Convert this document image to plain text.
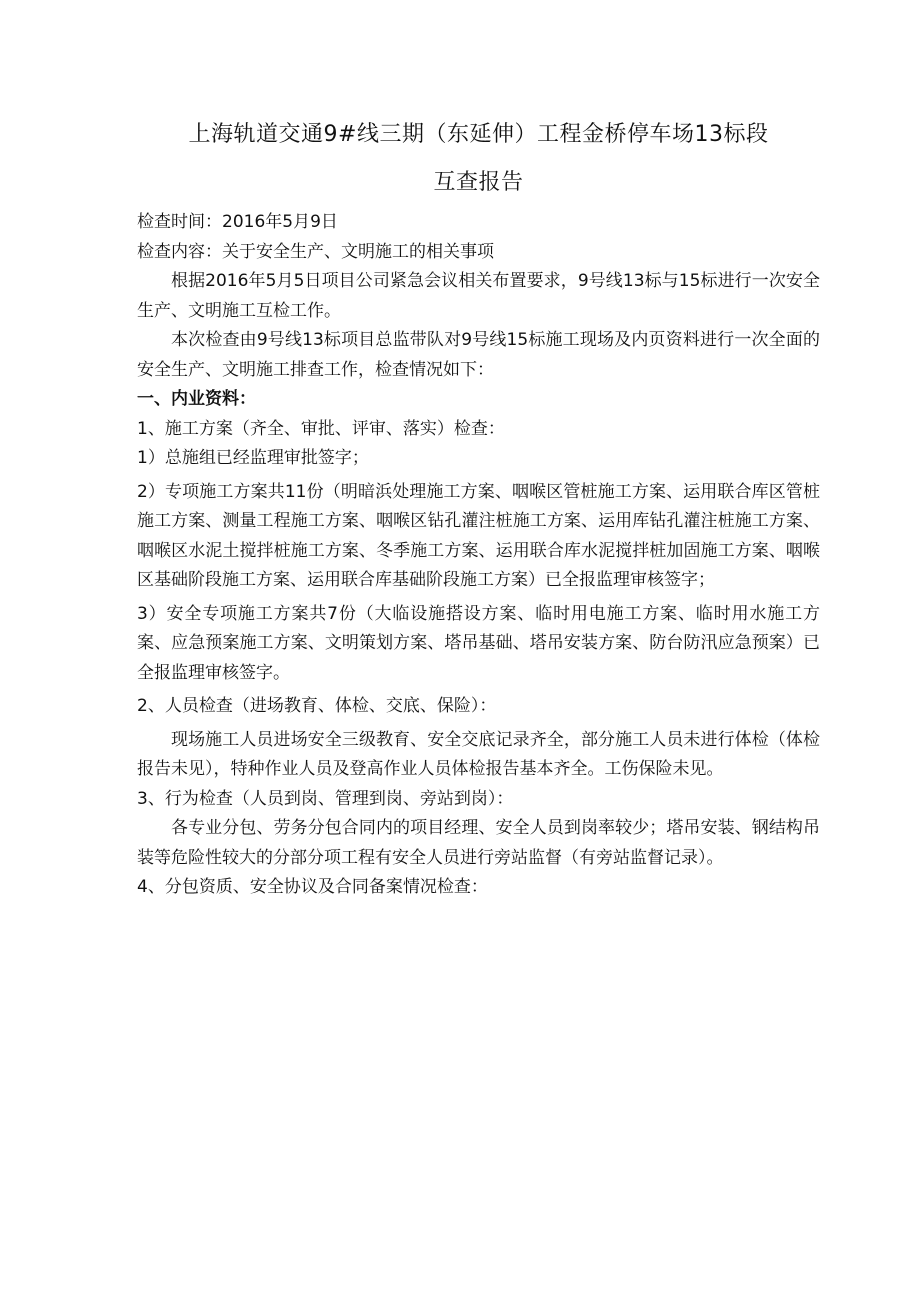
上海轨道交通9#线三期（东延伸）工程金桥停车场13标段
互查报告

检查时间：2016年5月9日

检查内容：关于安全生产、文明施工的相关事项

根据2016年5月5日项目公司紧急会议相关布置要求，9号线13标与15标进行一次安全生产、文明施工互检工作。

本次检查由9号线13标项目总监带队对9号线15标施工现场及内页资料进行一次全面的安全生产、文明施工排查工作，检查情况如下：

一、内业资料：

1、施工方案（齐全、审批、评审、落实）检查：

1）总施组已经监理审批签字；

2）专项施工方案共11份（明暗浜处理施工方案、咽喉区管桩施工方案、运用联合库区管桩施工方案、测量工程施工方案、咽喉区钻孔灌注桩施工方案、运用库钻孔灌注桩施工方案、咽喉区水泥土搅拌桩施工方案、冬季施工方案、运用联合库水泥搅拌桩加固施工方案、咽喉区基础阶段施工方案、运用联合库基础阶段施工方案）已全报监理审核签字；

3）安全专项施工方案共7份（大临设施搭设方案、临时用电施工方案、临时用水施工方案、应急预案施工方案、文明策划方案、塔吊基础、塔吊安装方案、防台防汛应急预案）已全报监理审核签字。

2、人员检查（进场教育、体检、交底、保险）：

现场施工人员进场安全三级教育、安全交底记录齐全，部分施工人员未进行体检（体检报告未见），特种作业人员及登高作业人员体检报告基本齐全。工伤保险未见。

3、行为检查（人员到岗、管理到岗、旁站到岗）：

各专业分包、劳务分包合同内的项目经理、安全人员到岗率较少；塔吊安装、钢结构吊装等危险性较大的分部分项工程有安全人员进行旁站监督（有旁站监督记录）。

4、分包资质、安全协议及合同备案情况检查：
